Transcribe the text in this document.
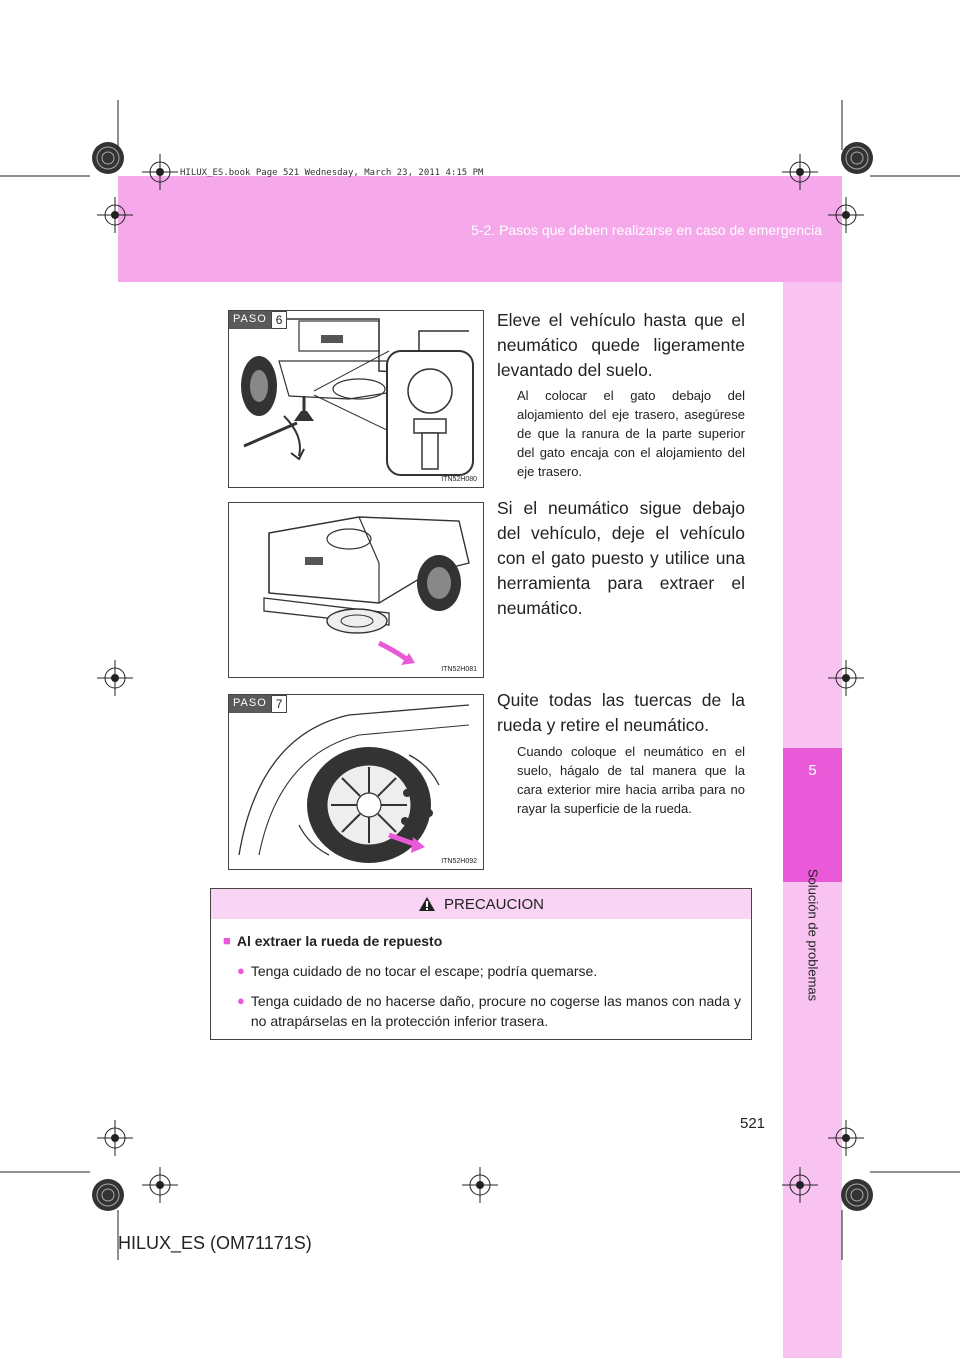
5-2. Pasos que deben realizarse en caso de emergencia
HILUX_ES.book Page 521 Wednesday, March 23, 2011 4:15 PM
5
Solución de problemas
PASO 6
ITN52H080
Eleve el vehículo hasta que el neumático quede ligeramente levantado del suelo.
Al colocar el gato debajo del alojamiento del eje trasero, asegúrese de que la ranura de la parte superior del gato encaja con el alojamiento del eje trasero.
ITN52H081
Si el neumático sigue debajo del vehículo, deje el vehículo con el gato puesto y utilice una herramienta para extraer el neumático.
PASO 7
ITN52H092
Quite todas las tuercas de la rueda y retire el neumático.
Cuando coloque el neumático en el suelo, hágalo de tal manera que la cara exterior mire hacia arriba para no rayar la superficie de la rueda.
PRECAUCION
■ Al extraer la rueda de repuesto
● Tenga cuidado de no tocar el escape; podría quemarse.
● Tenga cuidado de no hacerse daño, procure no cogerse las manos con nada y no atrapárselas en la protección inferior trasera.
521
HILUX_ES (OM71171S)
